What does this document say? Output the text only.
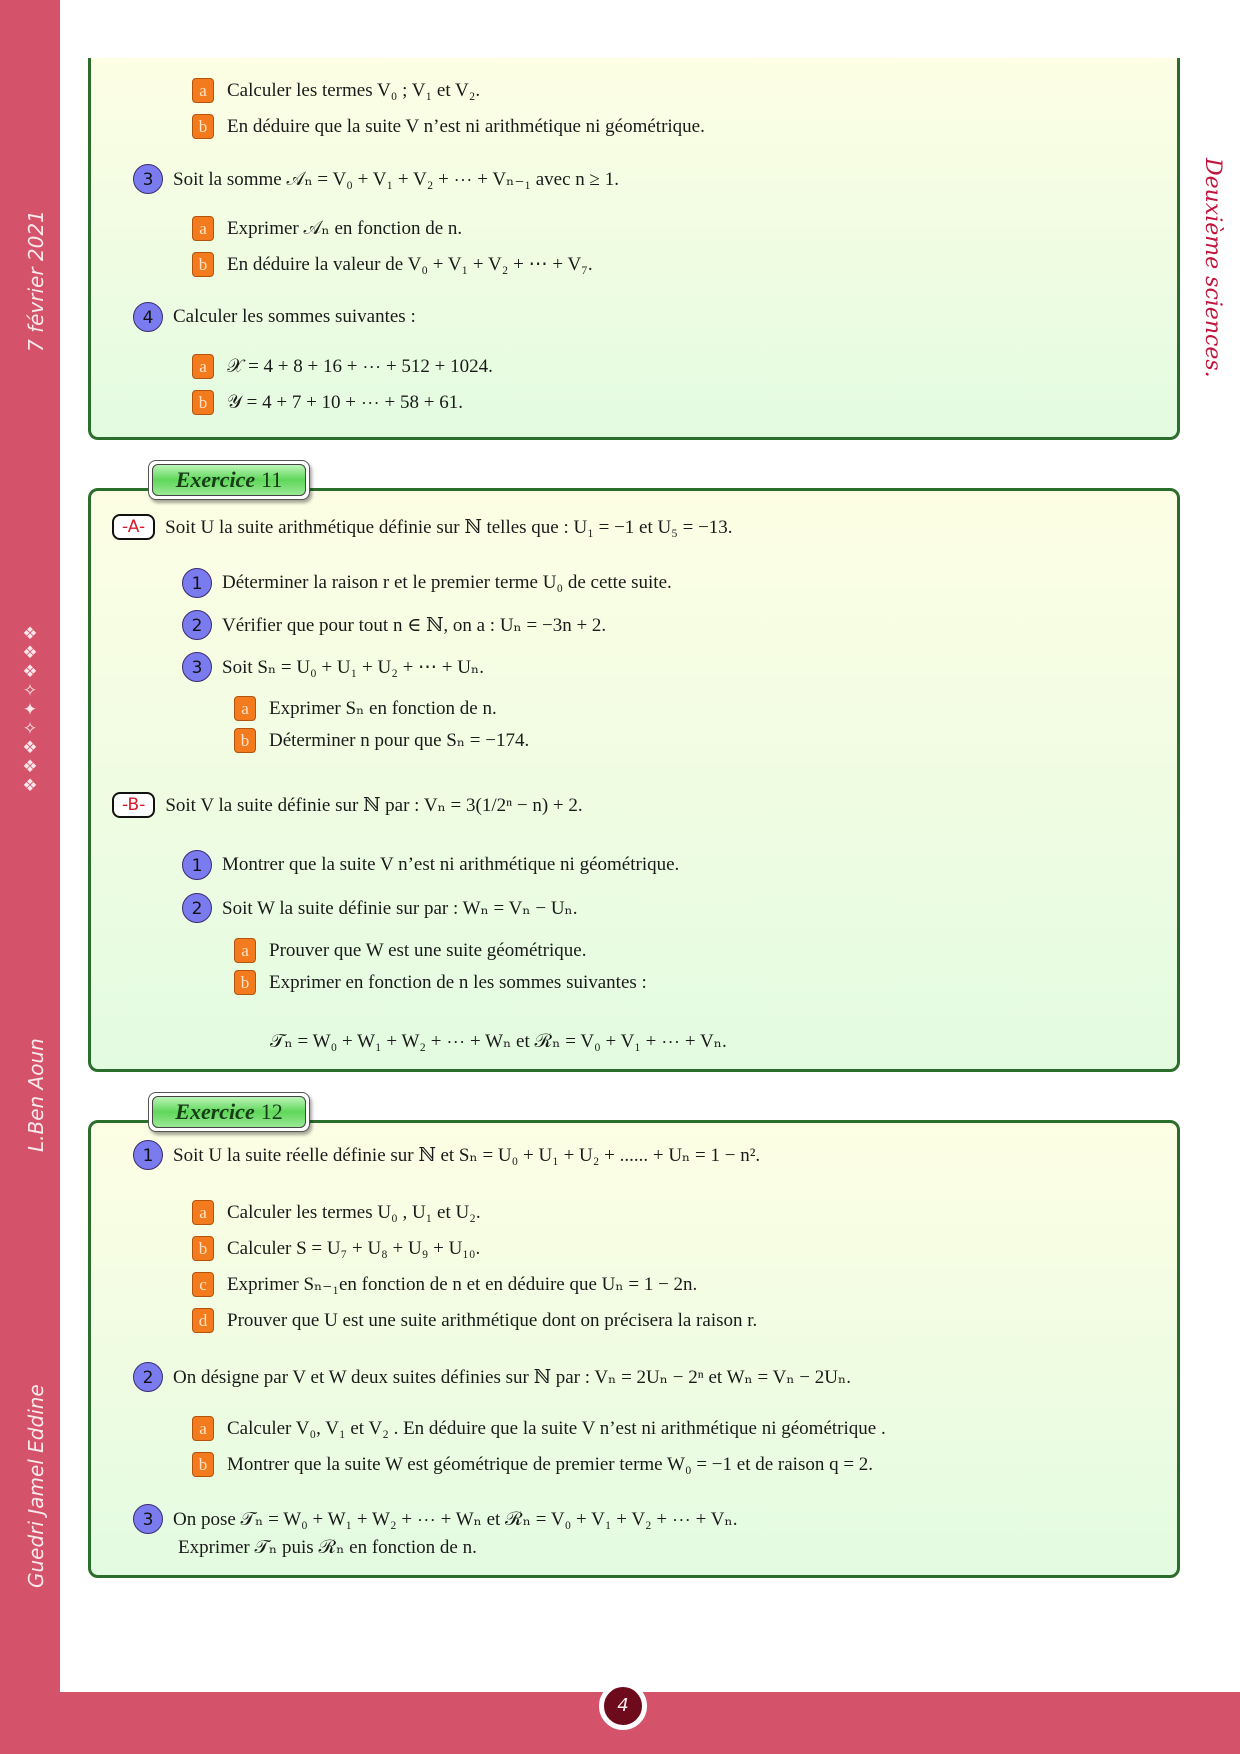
7 février 2021
❖
❖
❖
✧
✦
✧
❖
❖
❖
L.Ben Aoun
Guedri Jamel Eddine
Deuxième sciences.
4
a	Calculer les termes V₀ ; V₁ et V₂.
b	En déduire que la suite V n’est ni arithmétique ni géométrique.
3	Soit la somme 𝒜ₙ = V₀ + V₁ + V₂ + ⋯ + Vₙ₋₁ avec n ≥ 1.
a	Exprimer 𝒜ₙ en fonction de n.
b	En déduire la valeur de V₀ + V₁ + V₂ + ⋯ + V₇.
4	Calculer les sommes suivantes :
a	𝒳 = 4 + 8 + 16 + ⋯ + 512 + 1024.
b	𝒴 = 4 + 7 + 10 + ⋯ + 58 + 61.
Exercice 11
-A-	Soit U la suite arithmétique définie sur ℕ telles que : U₁ = −1 et U₅ = −13.
1	Déterminer la raison r et le premier terme U₀ de cette suite.
2	Vérifier que pour tout n ∈ ℕ, on a : Uₙ = −3n + 2.
3	Soit Sₙ = U₀ + U₁ + U₂ + ⋯ + Uₙ.
a	Exprimer Sₙ en fonction de n.
b	Déterminer n pour que Sₙ = −174.
-B-	Soit V la suite définie sur ℕ par : Vₙ = 3(1/2ⁿ − n) + 2.
1	Montrer que la suite V n’est ni arithmétique ni géométrique.
2	Soit W la suite définie sur par : Wₙ = Vₙ − Uₙ.
a	Prouver que W est une suite géométrique.
b	Exprimer en fonction de n les sommes suivantes :
𝒯ₙ = W₀ + W₁ + W₂ + ⋯ + Wₙ et ℛₙ = V₀ + V₁ + ⋯ + Vₙ.
Exercice 12
1	Soit U la suite réelle définie sur ℕ et Sₙ = U₀ + U₁ + U₂ + ...... + Uₙ = 1 − n².
a	Calculer les termes U₀ , U₁ et U₂.
b	Calculer S = U₇ + U₈ + U₉ + U₁₀.
c	Exprimer Sₙ₋₁en fonction de n et en déduire que Uₙ = 1 − 2n.
d	Prouver que U est une suite arithmétique dont on précisera la raison r.
2	On désigne par V et W deux suites définies sur ℕ par : Vₙ = 2Uₙ − 2ⁿ et Wₙ = Vₙ − 2Uₙ.
a	Calculer V₀, V₁ et V₂ . En déduire que la suite V n’est ni arithmétique ni géométrique .
b	Montrer que la suite W est géométrique de premier terme W₀ = −1 et de raison q = 2.
3	On pose 𝒯ₙ = W₀ + W₁ + W₂ + ⋯ + Wₙ et ℛₙ = V₀ + V₁ + V₂ + ⋯ + Vₙ.
Exprimer 𝒯ₙ puis ℛₙ en fonction de n.
